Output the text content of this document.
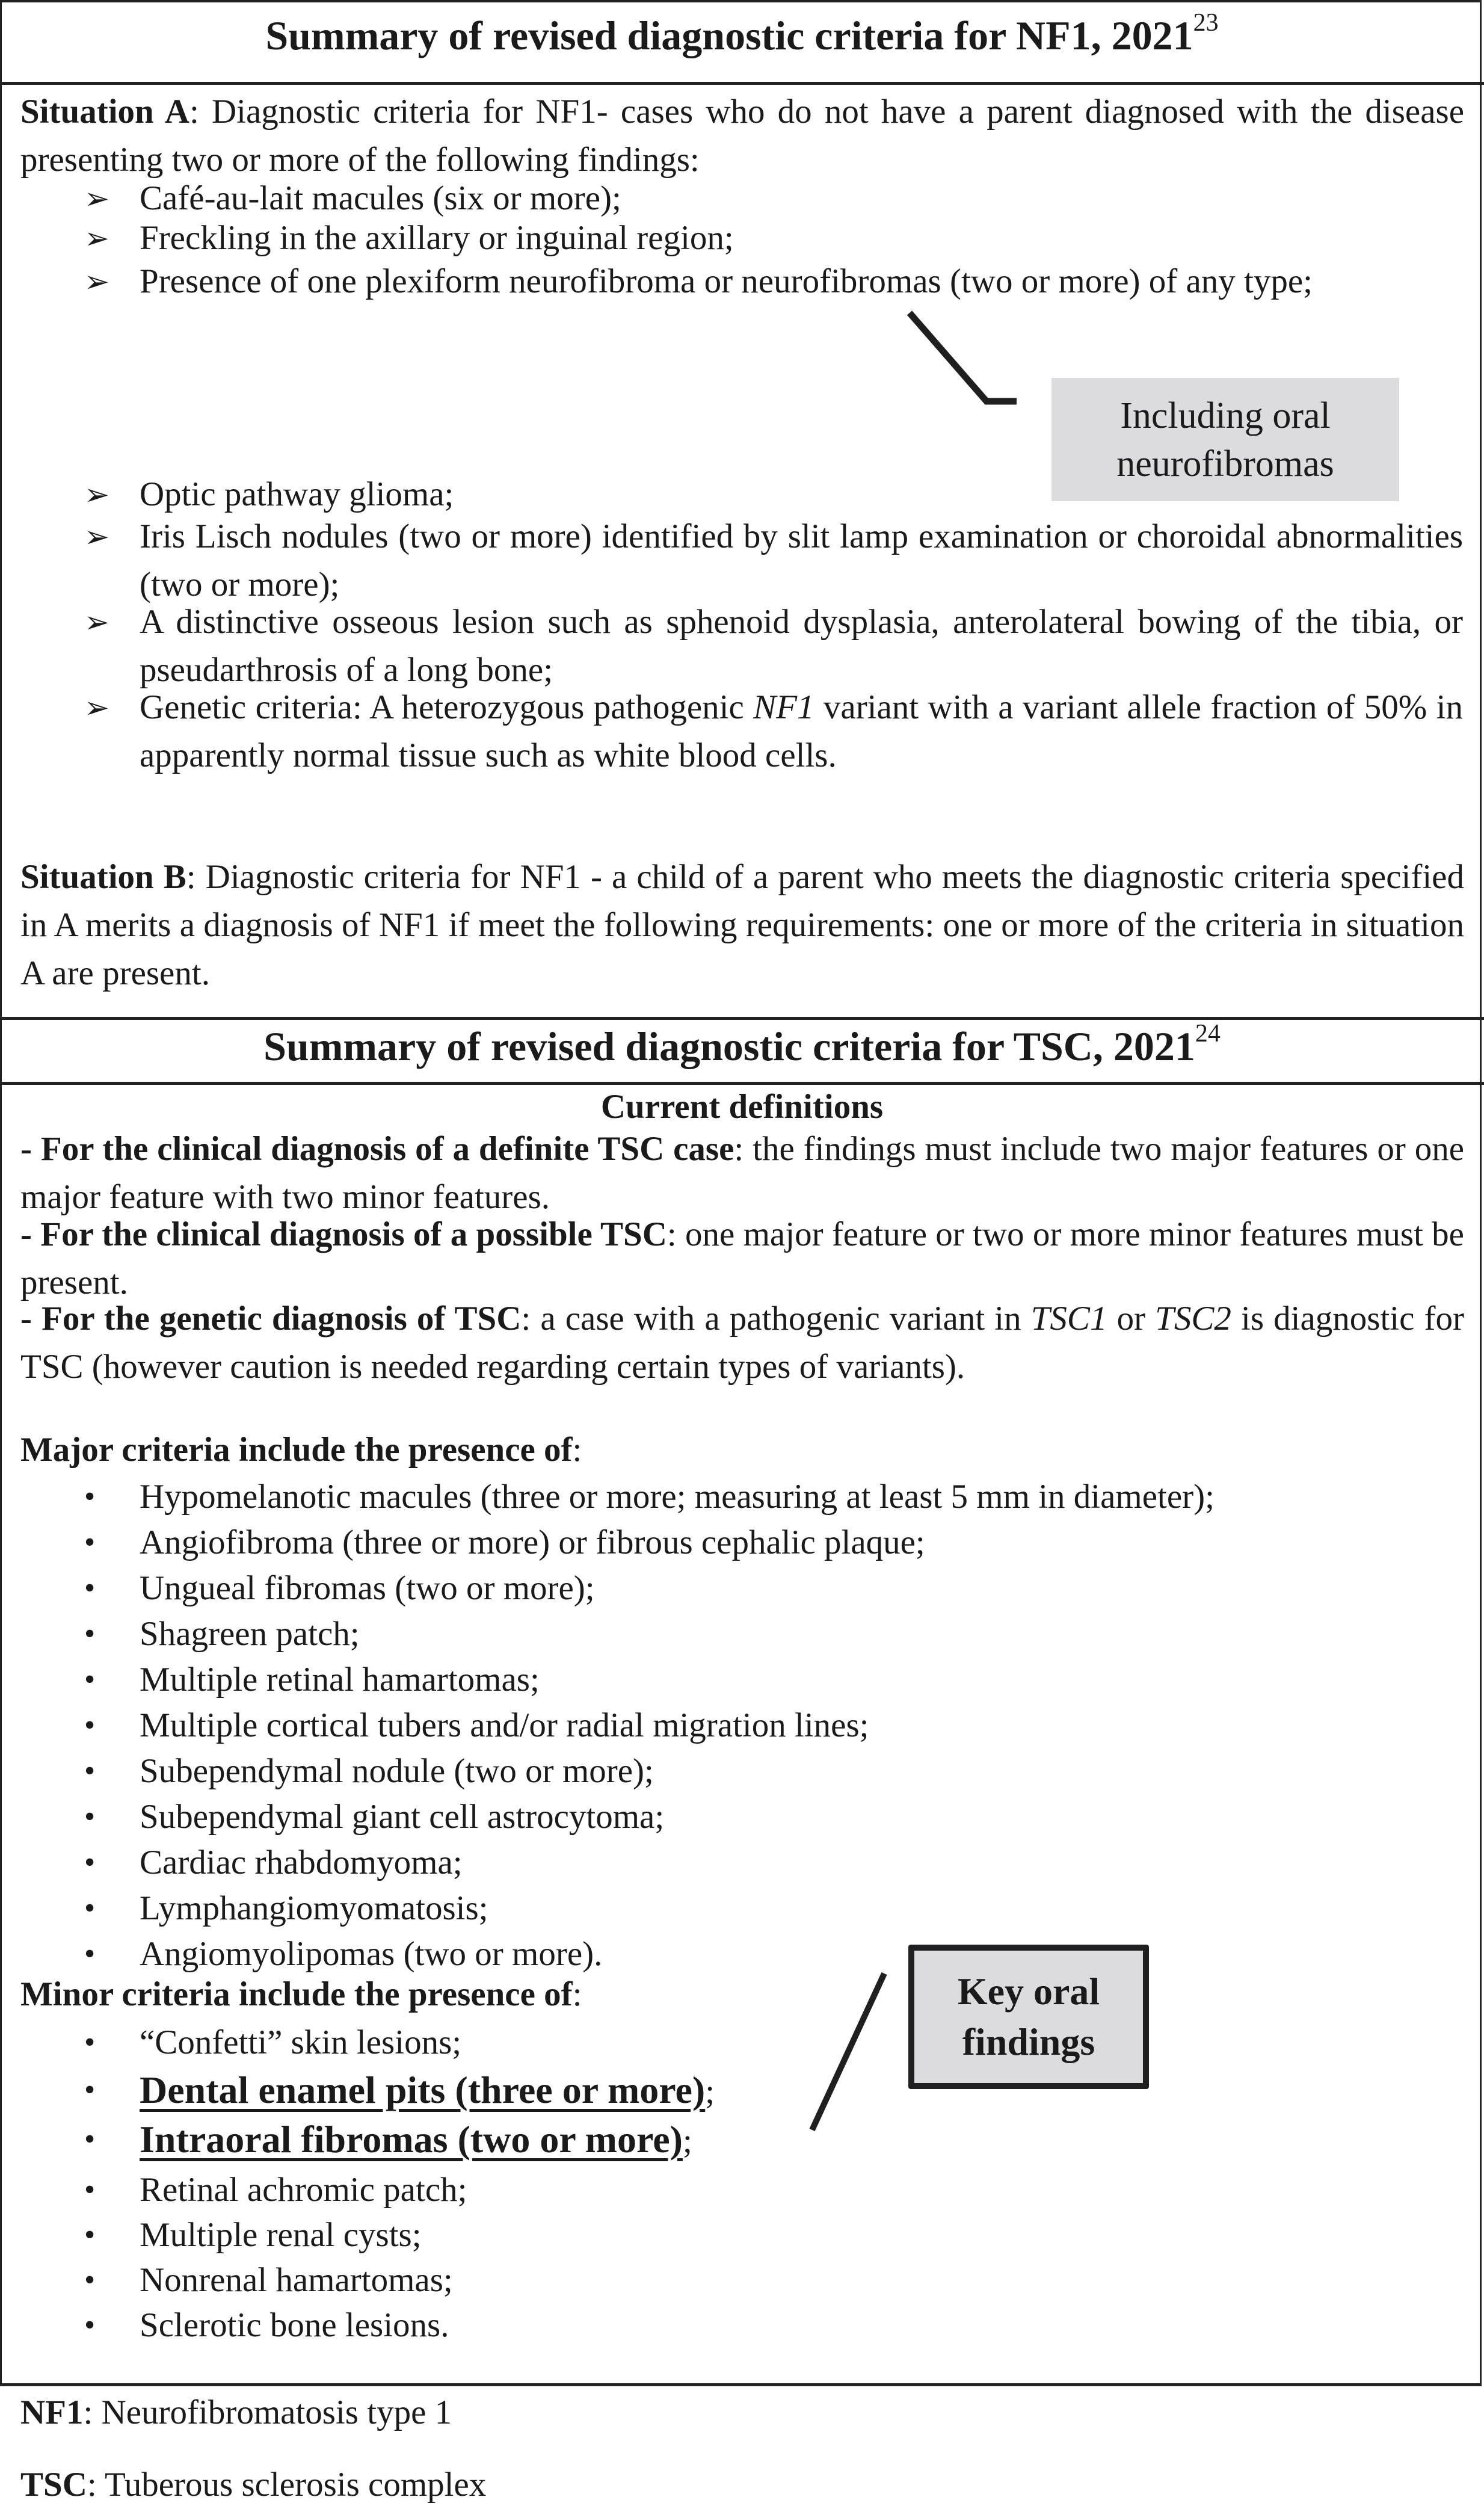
Summary of revised diagnostic criteria for NF1, 2021$^{23}$
Situation A: Diagnostic criteria for NF1- cases who do not have a parent diagnosed with the disease presenting two or more of the following findings:
➢ Café-au-lait macules (six or more);
➢ Freckling in the axillary or inguinal region;
➢ Presence of one plexiform neurofibroma or neurofibromas (two or more) of any type;
Including oral neurofibromas
➢ Optic pathway glioma;
➢ Iris Lisch nodules (two or more) identified by slit lamp examination or choroidal abnormalities (two or more);
➢ A distinctive osseous lesion such as sphenoid dysplasia, anterolateral bowing of the tibia, or pseudarthrosis of a long bone;
➢ Genetic criteria: A heterozygous pathogenic NF1 variant with a variant allele fraction of 50% in apparently normal tissue such as white blood cells.
Situation B: Diagnostic criteria for NF1 - a child of a parent who meets the diagnostic criteria specified in A merits a diagnosis of NF1 if meet the following requirements: one or more of the criteria in situation A are present.
Summary of revised diagnostic criteria for TSC, 2021$^{24}$
Current definitions
- For the clinical diagnosis of a definite TSC case: the findings must include two major features or one major feature with two minor features.
- For the clinical diagnosis of a possible TSC: one major feature or two or more minor features must be present.
- For the genetic diagnosis of TSC: a case with a pathogenic variant in TSC1 or TSC2 is diagnostic for TSC (however caution is needed regarding certain types of variants).
Major criteria include the presence of:
• Hypomelanotic macules (three or more; measuring at least 5 mm in diameter);
• Angiofibroma (three or more) or fibrous cephalic plaque;
• Ungueal fibromas (two or more);
• Shagreen patch;
• Multiple retinal hamartomas;
• Multiple cortical tubers and/or radial migration lines;
• Subependymal nodule (two or more);
• Subependymal giant cell astrocytoma;
• Cardiac rhabdomyoma;
• Lymphangiomyomatosis;
• Angiomyolipomas (two or more).
Minor criteria include the presence of:
• “Confetti” skin lesions;
• Dental enamel pits (three or more);
• Intraoral fibromas (two or more);
• Retinal achromic patch;
• Multiple renal cysts;
• Nonrenal hamartomas;
• Sclerotic bone lesions.
Key oral findings
NF1: Neurofibromatosis type 1
TSC: Tuberous sclerosis complex
